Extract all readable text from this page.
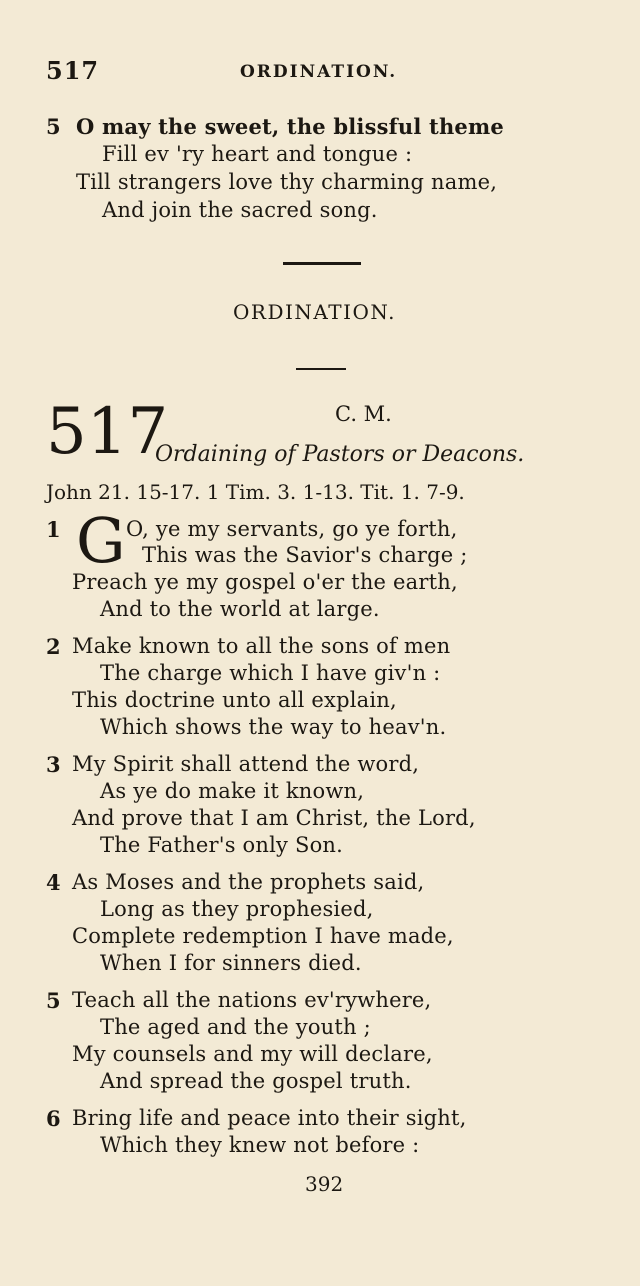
517	ORDINATION.
5 O may the sweet, the blissful theme
Fill ev 'ry heart and tongue :
Till strangers love thy charming name,
And join the sacred song.
ORDINATION.
517	C. M.
Ordaining of Pastors or Deacons.
John 21. 15-17. 1 Tim. 3. 1-13. Tit. 1. 7-9.
1 G O, ye my servants, go ye forth,
This was the Savior's charge ;
Preach ye my gospel o'er the earth,
And to the world at large.
2 Make known to all the sons of men
The charge which I have giv'n :
This doctrine unto all explain,
Which shows the way to heav'n.
3 My Spirit shall attend the word,
As ye do make it known,
And prove that I am Christ, the Lord,
The Father's only Son.
4 As Moses and the prophets said,
Long as they prophesied,
Complete redemption I have made,
When I for sinners died.
5 Teach all the nations ev'rywhere,
The aged and the youth ;
My counsels and my will declare,
And spread the gospel truth.
6 Bring life and peace into their sight,
Which they knew not before :
392
